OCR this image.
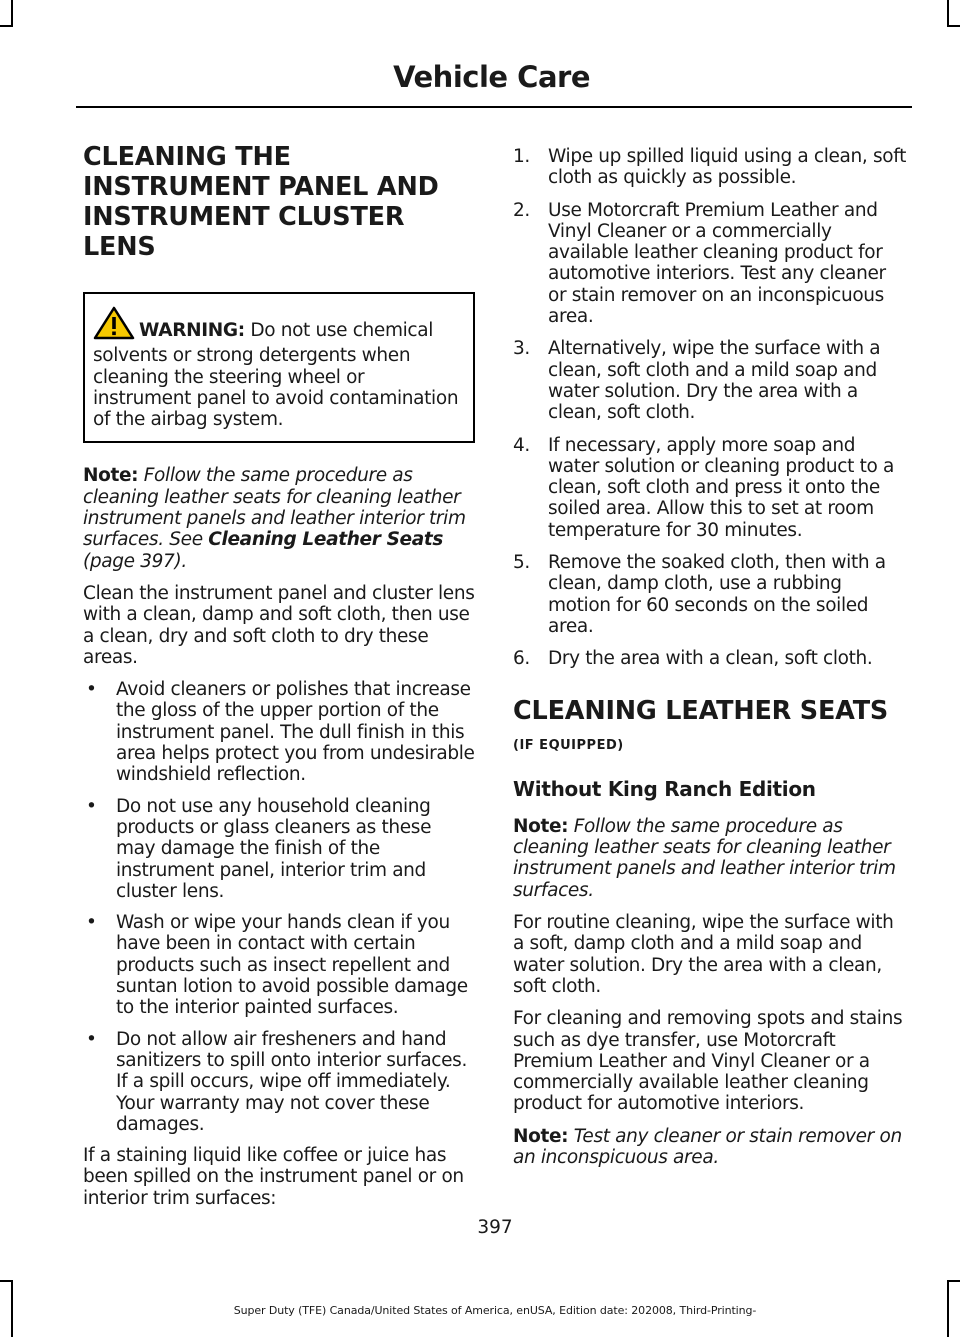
Vehicle Care
CLEANING THE INSTRUMENT PANEL AND INSTRUMENT CLUSTER LENS
WARNING: Do not use chemical solvents or strong detergents when cleaning the steering wheel or instrument panel to avoid contamination of the airbag system.

Note: Follow the same procedure as cleaning leather seats for cleaning leather instrument panels and leather interior trim surfaces. See Cleaning Leather Seats (page 397).

Clean the instrument panel and cluster lens with a clean, damp and soft cloth, then use a clean, dry and soft cloth to dry these areas.

• Avoid cleaners or polishes that increase the gloss of the upper portion of the instrument panel. The dull finish in this area helps protect you from undesirable windshield reflection.
• Do not use any household cleaning products or glass cleaners as these may damage the finish of the instrument panel, interior trim and cluster lens.
• Wash or wipe your hands clean if you have been in contact with certain products such as insect repellent and suntan lotion to avoid possible damage to the interior painted surfaces.
• Do not allow air fresheners and hand sanitizers to spill onto interior surfaces. If a spill occurs, wipe off immediately. Your warranty may not cover these damages.

If a staining liquid like coffee or juice has been spilled on the instrument panel or on interior trim surfaces:

1. Wipe up spilled liquid using a clean, soft cloth as quickly as possible.
2. Use Motorcraft Premium Leather and Vinyl Cleaner or a commercially available leather cleaning product for automotive interiors. Test any cleaner or stain remover on an inconspicuous area.
3. Alternatively, wipe the surface with a clean, soft cloth and a mild soap and water solution. Dry the area with a clean, soft cloth.
4. If necessary, apply more soap and water solution or cleaning product to a clean, soft cloth and press it onto the soiled area. Allow this to set at room temperature for 30 minutes.
5. Remove the soaked cloth, then with a clean, damp cloth, use a rubbing motion for 60 seconds on the soiled area.
6. Dry the area with a clean, soft cloth.
CLEANING LEATHER SEATS (IF EQUIPPED)
Without King Ranch Edition

Note: Follow the same procedure as cleaning leather seats for cleaning leather instrument panels and leather interior trim surfaces.

For routine cleaning, wipe the surface with a soft, damp cloth and a mild soap and water solution. Dry the area with a clean, soft cloth.

For cleaning and removing spots and stains such as dye transfer, use Motorcraft Premium Leather and Vinyl Cleaner or a commercially available leather cleaning product for automotive interiors.

Note: Test any cleaner or stain remover on an inconspicuous area.

397
Super Duty (TFE) Canada/United States of America, enUSA, Edition date: 202008, Third-Printing-
